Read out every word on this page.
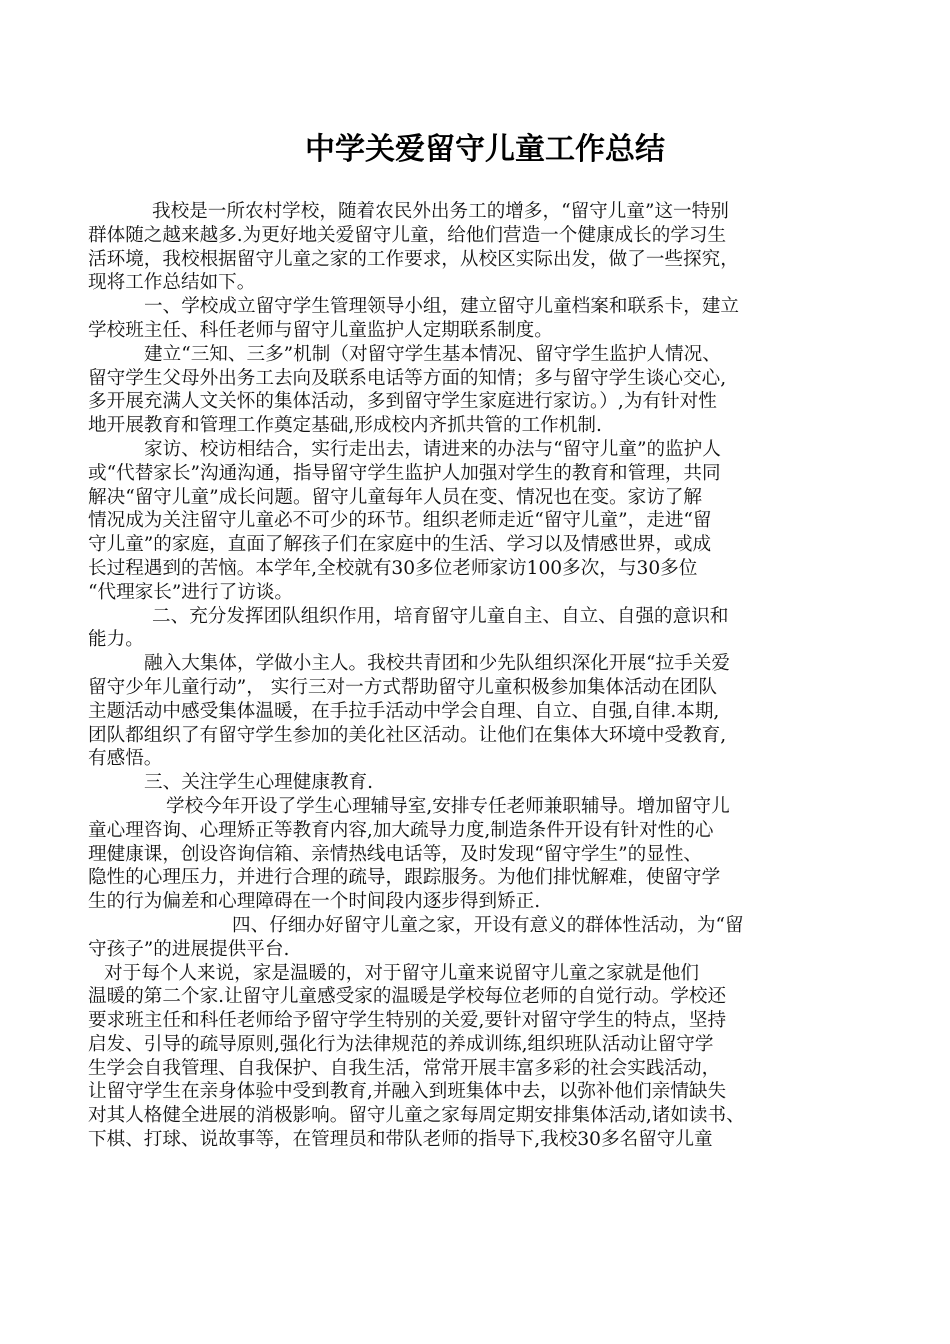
中学关爱留守儿童工作总结
我校是一所农村学校，随着农民外出务工的增多，“留守儿童”这一特别
群体随之越来越多.为更好地关爱留守儿童，给他们营造一个健康成长的学习生
活环境，我校根据留守儿童之家的工作要求，从校区实际出发，做了一些探究，
现将工作总结如下。
一、学校成立留守学生管理领导小组，建立留守儿童档案和联系卡，建立
学校班主任、科任老师与留守儿童监护人定期联系制度。
建立“三知、三多”机制（对留守学生基本情况、留守学生监护人情况、
留守学生父母外出务工去向及联系电话等方面的知情；多与留守学生谈心交心,
多开展充满人文关怀的集体活动，多到留守学生家庭进行家访。）,为有针对性
地开展教育和管理工作奠定基础,形成校内齐抓共管的工作机制.
家访、校访相结合，实行走出去，请进来的办法与“留守儿童”的监护人
或“代替家长”沟通沟通，指导留守学生监护人加强对学生的教育和管理，共同
解决“留守儿童”成长问题。留守儿童每年人员在变、情况也在变。家访了解
情况成为关注留守儿童必不可少的环节。组织老师走近“留守儿童”，走进“留
守儿童”的家庭，直面了解孩子们在家庭中的生活、学习以及情感世界，或成
长过程遇到的苦恼。本学年,全校就有30多位老师家访100多次，与30多位
“代理家长”进行了访谈。
二、充分发挥团队组织作用，培育留守儿童自主、自立、自强的意识和
能力。
融入大集体，学做小主人。我校共青团和少先队组织深化开展“拉手关爱
留守少年儿童行动”， 实行三对一方式帮助留守儿童积极参加集体活动在团队
主题活动中感受集体温暖，在手拉手活动中学会自理、自立、自强,自律.本期,
团队都组织了有留守学生参加的美化社区活动。让他们在集体大环境中受教育,
有感悟。
三、关注学生心理健康教育.
学校今年开设了学生心理辅导室,安排专任老师兼职辅导。增加留守儿
童心理咨询、心理矫正等教育内容,加大疏导力度,制造条件开设有针对性的心
理健康课，创设咨询信箱、亲情热线电话等，及时发现“留守学生”的显性、
隐性的心理压力，并进行合理的疏导，跟踪服务。为他们排忧解难，使留守学
生的行为偏差和心理障碍在一个时间段内逐步得到矫正.
四、仔细办好留守儿童之家，开设有意义的群体性活动，为“留
守孩子”的进展提供平台.
对于每个人来说，家是温暖的，对于留守儿童来说留守儿童之家就是他们
温暖的第二个家.让留守儿童感受家的温暖是学校每位老师的自觉行动。学校还
要求班主任和科任老师给予留守学生特别的关爱,要针对留守学生的特点，坚持
启发、引导的疏导原则,强化行为法律规范的养成训练,组织班队活动让留守学
生学会自我管理、自我保护、自我生活，常常开展丰富多彩的社会实践活动，
让留守学生在亲身体验中受到教育,并融入到班集体中去，以弥补他们亲情缺失
对其人格健全进展的消极影响。留守儿童之家每周定期安排集体活动,诸如读书、
下棋、打球、说故事等，在管理员和带队老师的指导下,我校30多名留守儿童
